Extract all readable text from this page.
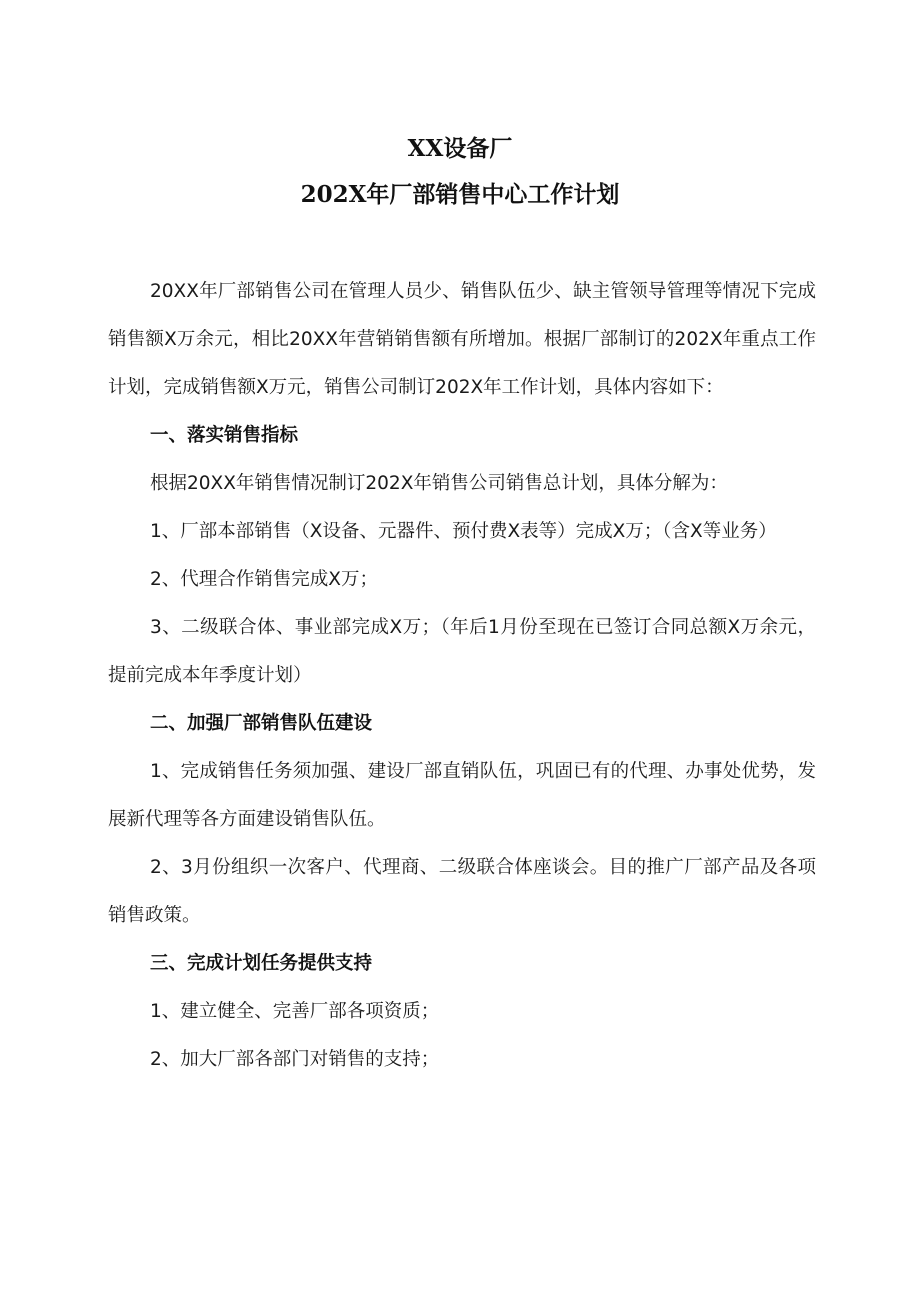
XX设备厂
202X年厂部销售中心工作计划

20XX年厂部销售公司在管理人员少、销售队伍少、缺主管领导管理等情况下完成销售额X万余元，相比20XX年营销销售额有所增加。根据厂部制订的202X年重点工作计划，完成销售额X万元，销售公司制订202X年工作计划，具体内容如下：

一、落实销售指标

根据20XX年销售情况制订202X年销售公司销售总计划，具体分解为：

1、厂部本部销售（X设备、元器件、预付费X表等）完成X万；（含X等业务）

2、代理合作销售完成X万；

3、二级联合体、事业部完成X万；（年后1月份至现在已签订合同总额X万余元，提前完成本年季度计划）

二、加强厂部销售队伍建设

1、完成销售任务须加强、建设厂部直销队伍，巩固已有的代理、办事处优势，发展新代理等各方面建设销售队伍。

2、3月份组织一次客户、代理商、二级联合体座谈会。目的推广厂部产品及各项销售政策。

三、完成计划任务提供支持

1、建立健全、完善厂部各项资质；

2、加大厂部各部门对销售的支持；
